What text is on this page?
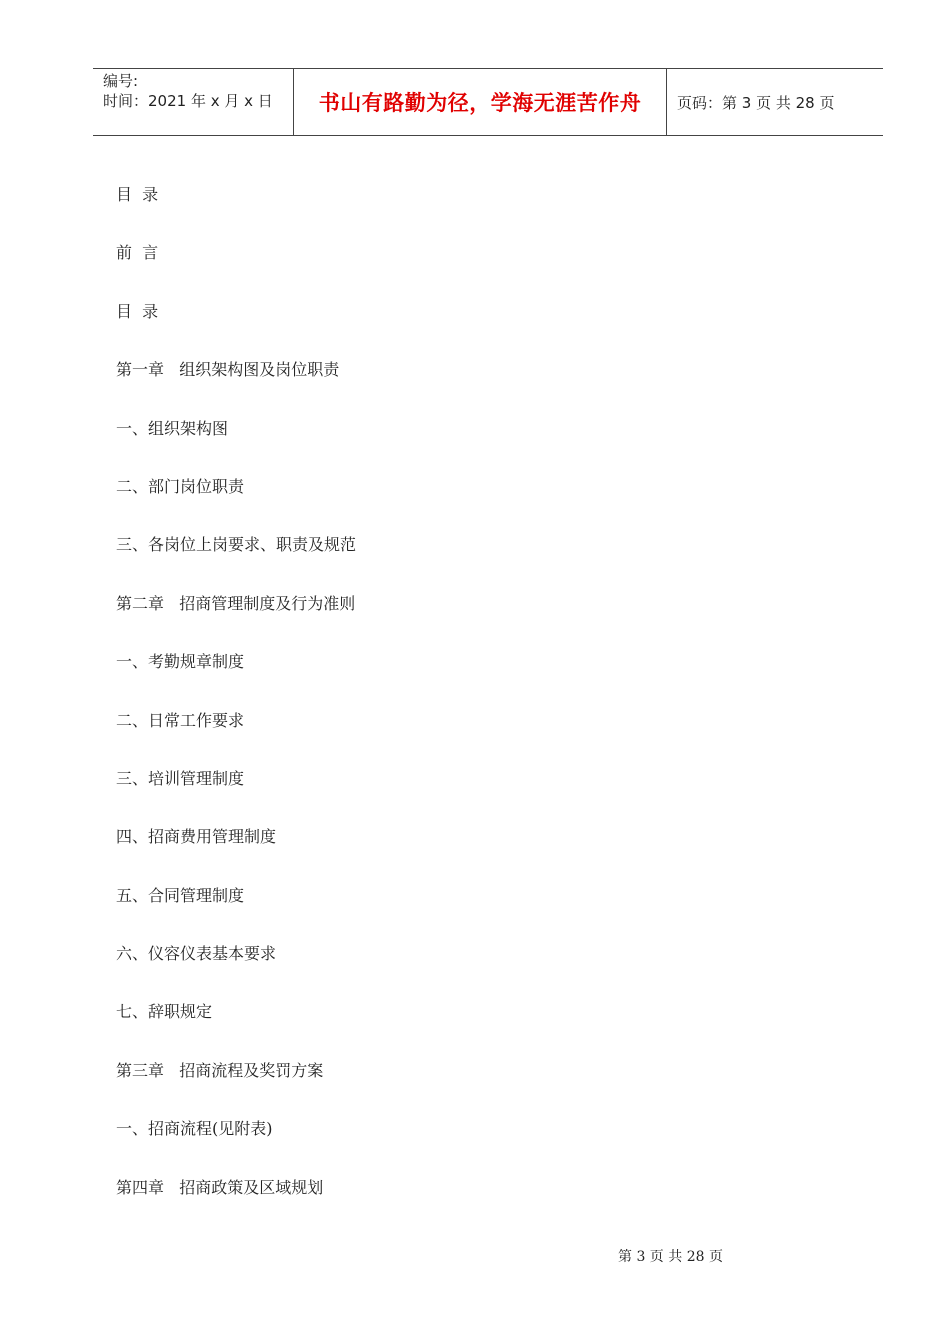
编号:
时间：2021 年 x 月 x 日	书山有路勤为径，学海无涯苦作舟 页码：第 3 页 共 28 页
目  录
前  言
目  录
第一章   组织架构图及岗位职责
一、组织架构图
二、部门岗位职责
三、各岗位上岗要求、职责及规范
第二章   招商管理制度及行为准则
一、考勤规章制度
二、日常工作要求
三、培训管理制度
四、招商费用管理制度
五、合同管理制度
六、仪容仪表基本要求
七、辞职规定
第三章   招商流程及奖罚方案
一、招商流程(见附表)
第四章   招商政策及区域规划
第 3 页 共 28 页
